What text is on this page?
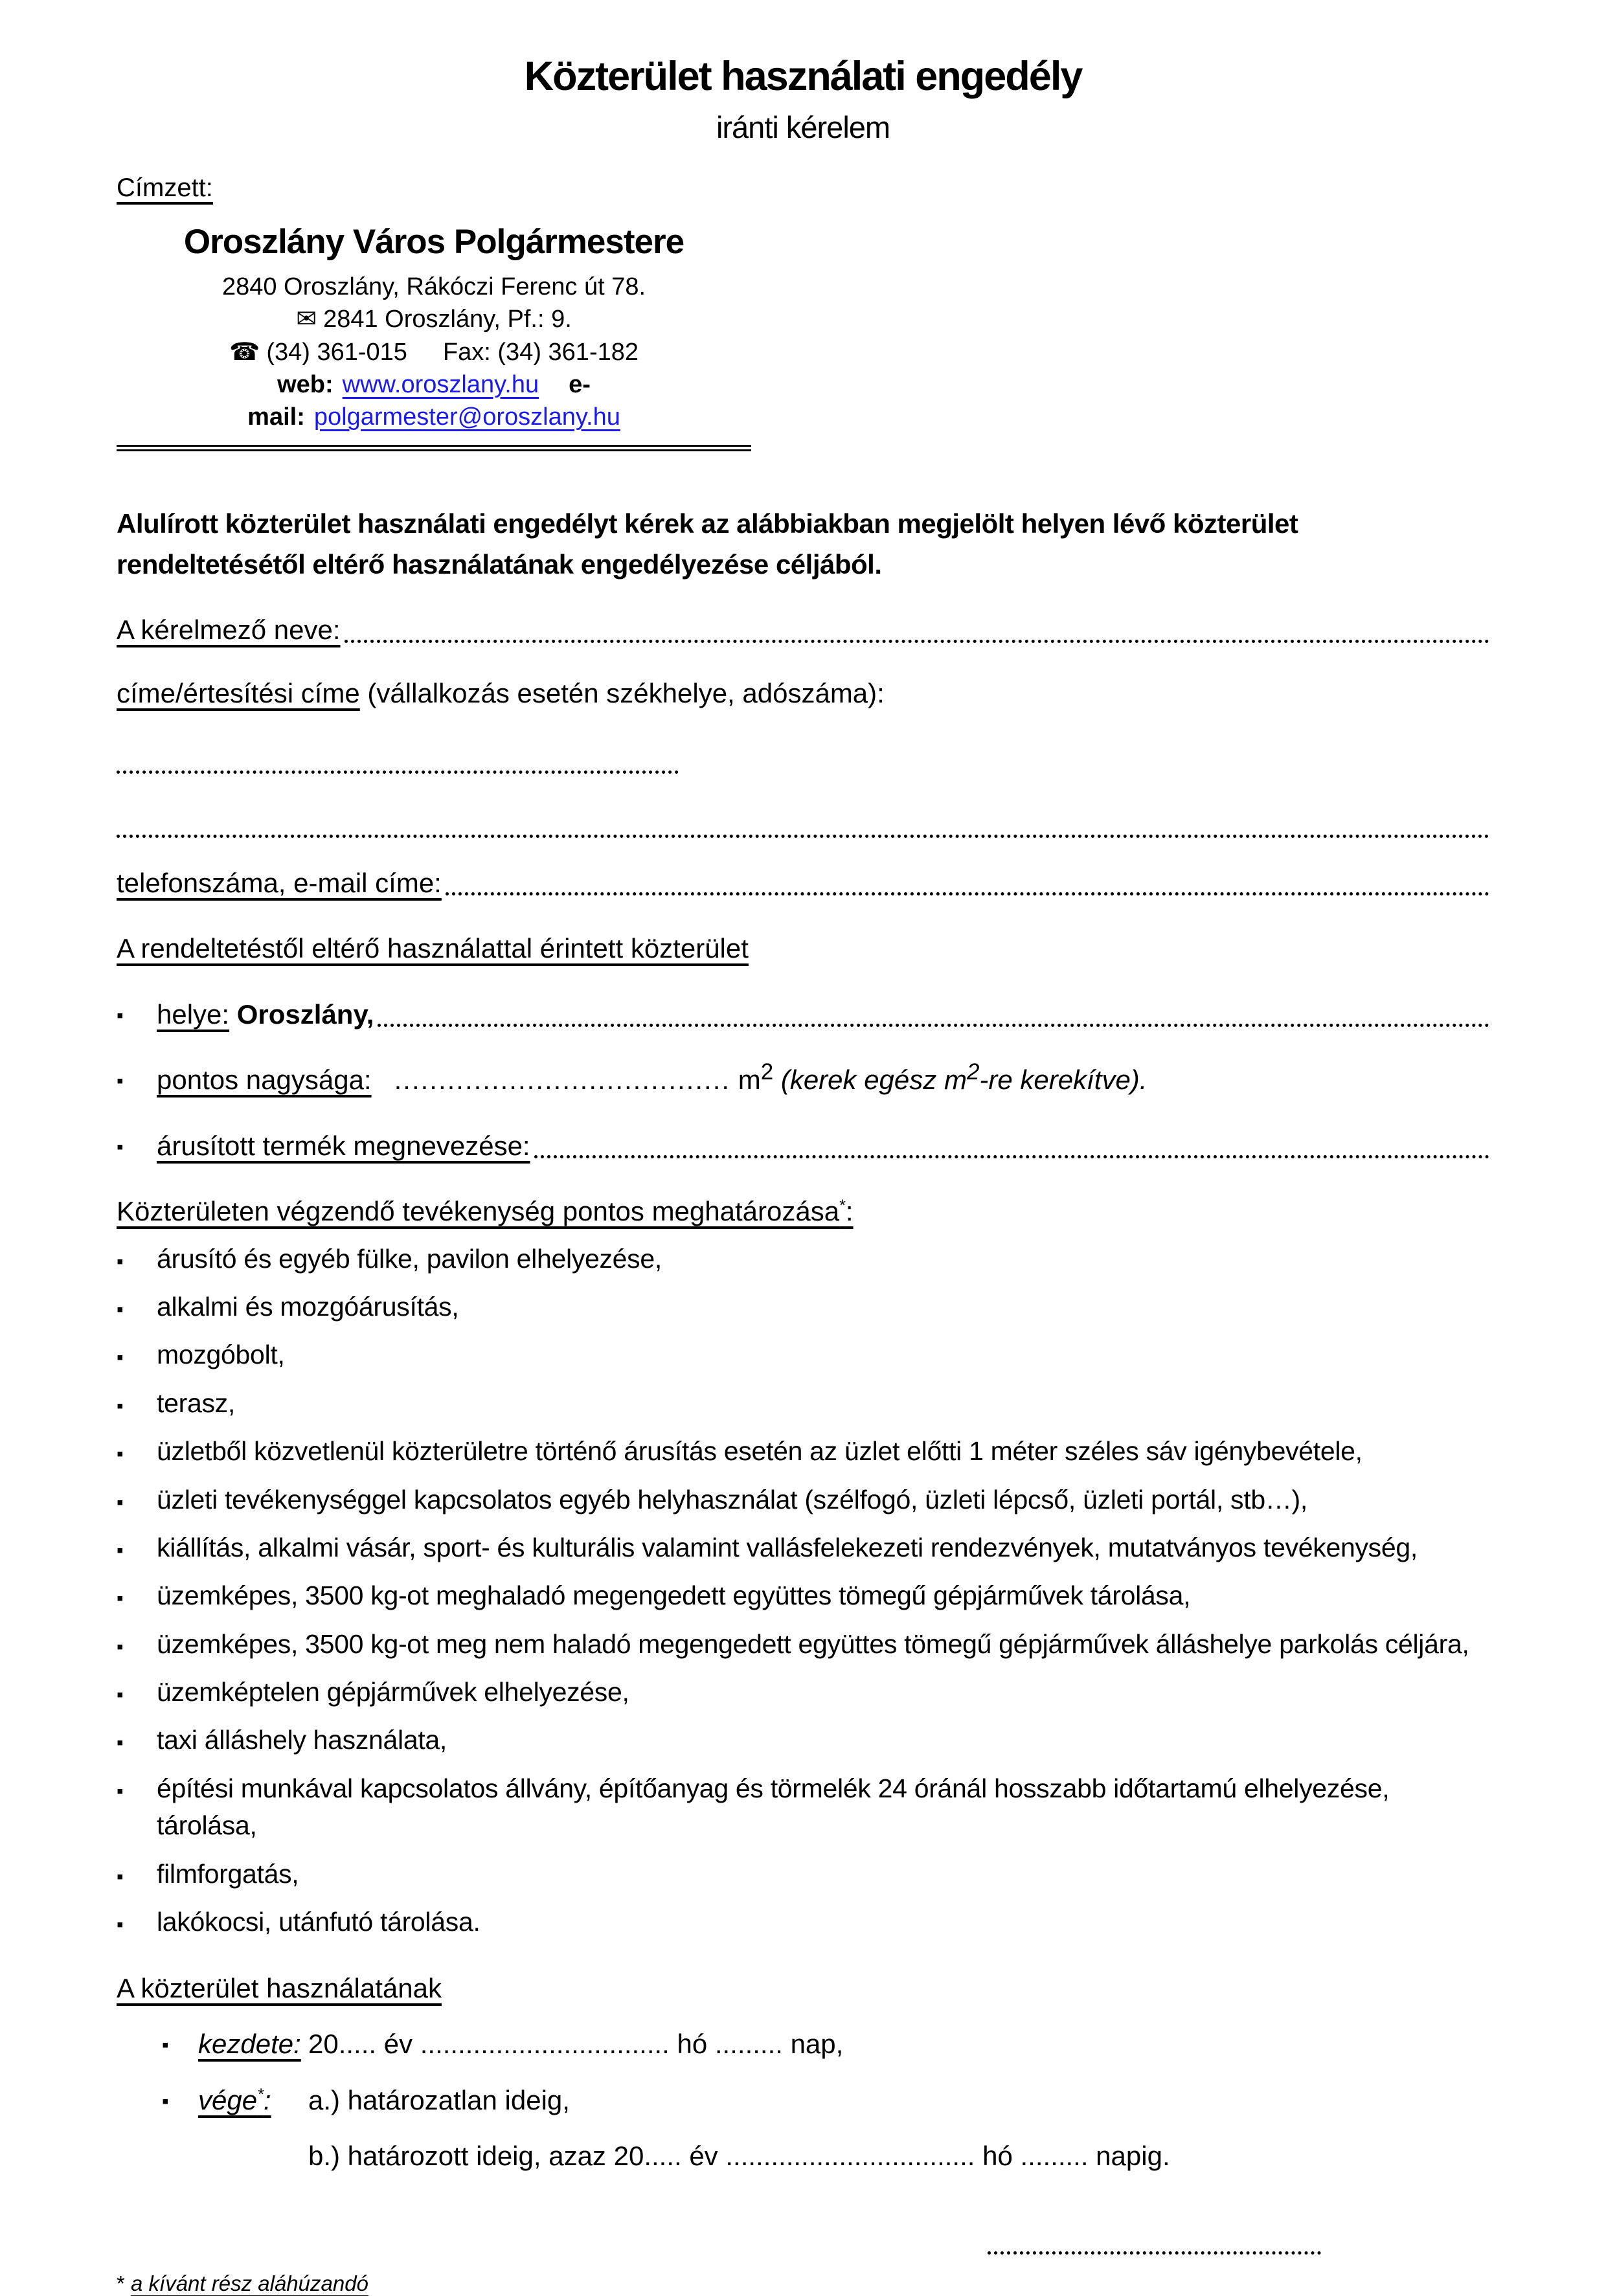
Közterület használati engedély
iránti kérelem
Címzett:
Oroszlány Város Polgármestere
2840 Oroszlány, Rákóczi Ferenc út 78.
✉ 2841 Oroszlány, Pf.: 9.
☎ (34) 361-015 Fax: (34) 361-182
web: www.oroszlany.hu e-mail: polgarmester@oroszlany.hu

Alulírott közterület használati engedélyt kérek az alábbiakban megjelölt helyen lévő közterület
rendeltetésétől eltérő használatának engedélyezése céljából.

A kérelmező neve:
címe/értesítési címe (vállalkozás esetén székhelye, adószáma):
telefonszáma, e-mail címe:
A rendeltetéstől eltérő használattal érintett közterület
▪	helye: Oroszlány,
▪	pontos nagysága: ...................................... $m^2$ (kerek egész m$^2$-re kerekítve).
▪	árusított termék megnevezése:
Közterületen végzendő tevékenység pontos meghatározása*:
▪	árusító és egyéb fülke, pavilon elhelyezése,
▪	alkalmi és mozgóárusítás,
▪	mozgóbolt,
▪	terasz,
▪	üzletből közvetlenül közterületre történő árusítás esetén az üzlet előtti 1 méter széles sáv igénybevétele,
▪	üzleti tevékenységgel kapcsolatos egyéb helyhasználat (szélfogó, üzleti lépcső, üzleti portál, stb…),
▪	kiállítás, alkalmi vásár, sport- és kulturális valamint vallásfelekezeti rendezvények, mutatványos tevékenység,
▪	üzemképes, 3500 kg-ot meghaladó megengedett együttes tömegű gépjárművek tárolása,
▪	üzemképes, 3500 kg-ot meg nem haladó megengedett együttes tömegű gépjárművek álláshelye parkolás céljára,
▪	üzemképtelen gépjárművek elhelyezése,
▪	taxi álláshely használata,
▪	építési munkával kapcsolatos állvány, építőanyag és törmelék 24 óránál hosszabb időtartamú elhelyezése, tárolása,
▪	filmforgatás,
▪	lakókocsi, utánfutó tárolása.
A közterület használatának
▪	kezdete: 20..... év ................................. hó ......... nap,
▪	vége*:	a.) határozatlan ideig,
b.) határozott ideig, azaz 20..... év ................................. hó ......... napig.
* a kívánt rész aláhúzandó
